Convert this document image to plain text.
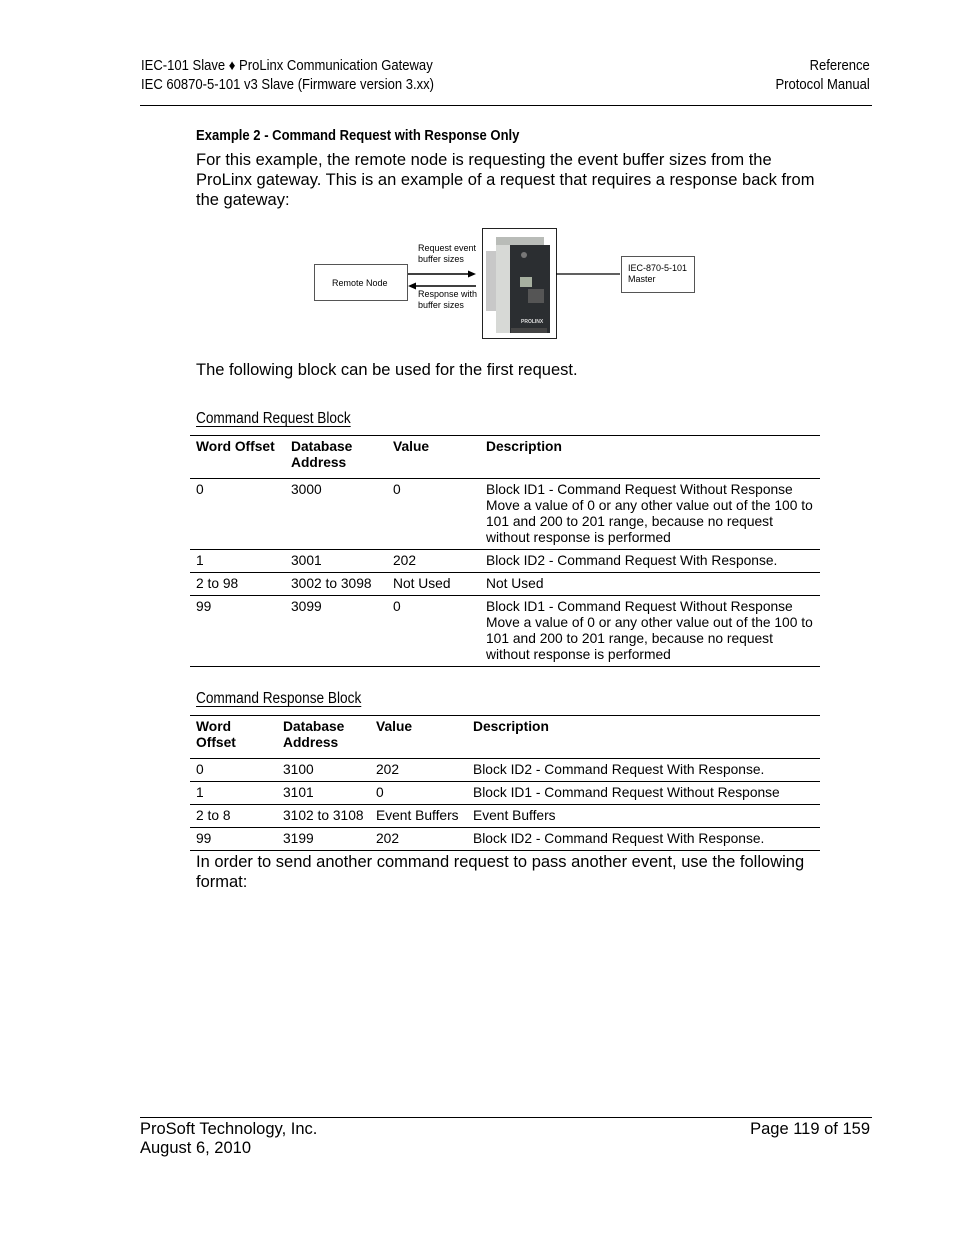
IEC-101 Slave ♦ ProLinx Communication Gateway
IEC 60870-5-101 v3 Slave (Firmware version 3.xx)
Reference
Protocol Manual
Example 2 - Command Request with Response Only
For this example, the remote node is requesting the event buffer sizes from the ProLinx gateway. This is an example of a request that requires a response back from the gateway:
Remote Node
Request event
buffer sizes
Response with
buffer sizes
IEC-870-5-101
Master
PROLINX
The following block can be used for the first request.
Command Request Block
Word Offset	Database Address	Value	Description
0	3000	0	Block ID1 - Command Request Without Response Move a value of 0 or any other value out of the 100 to 101 and 200 to 201 range, because no request without response is performed
1	3001	202	Block ID2 - Command Request With Response.
2 to 98	3002 to 3098	Not Used	Not Used
99	3099	0	Block ID1 - Command Request Without Response Move a value of 0 or any other value out of the 100 to 101 and 200 to 201 range, because no request without response is performed
Command Response Block
Word Offset	Database Address	Value	Description
0	3100	202	Block ID2 - Command Request With Response.
1	3101	0	Block ID1 - Command Request Without Response
2 to 8	3102 to 3108	Event Buffers	Event Buffers
99	3199	202	Block ID2 - Command Request With Response.
In order to send another command request to pass another event, use the following format:
ProSoft Technology, Inc.
August 6, 2010
Page 119 of 159
